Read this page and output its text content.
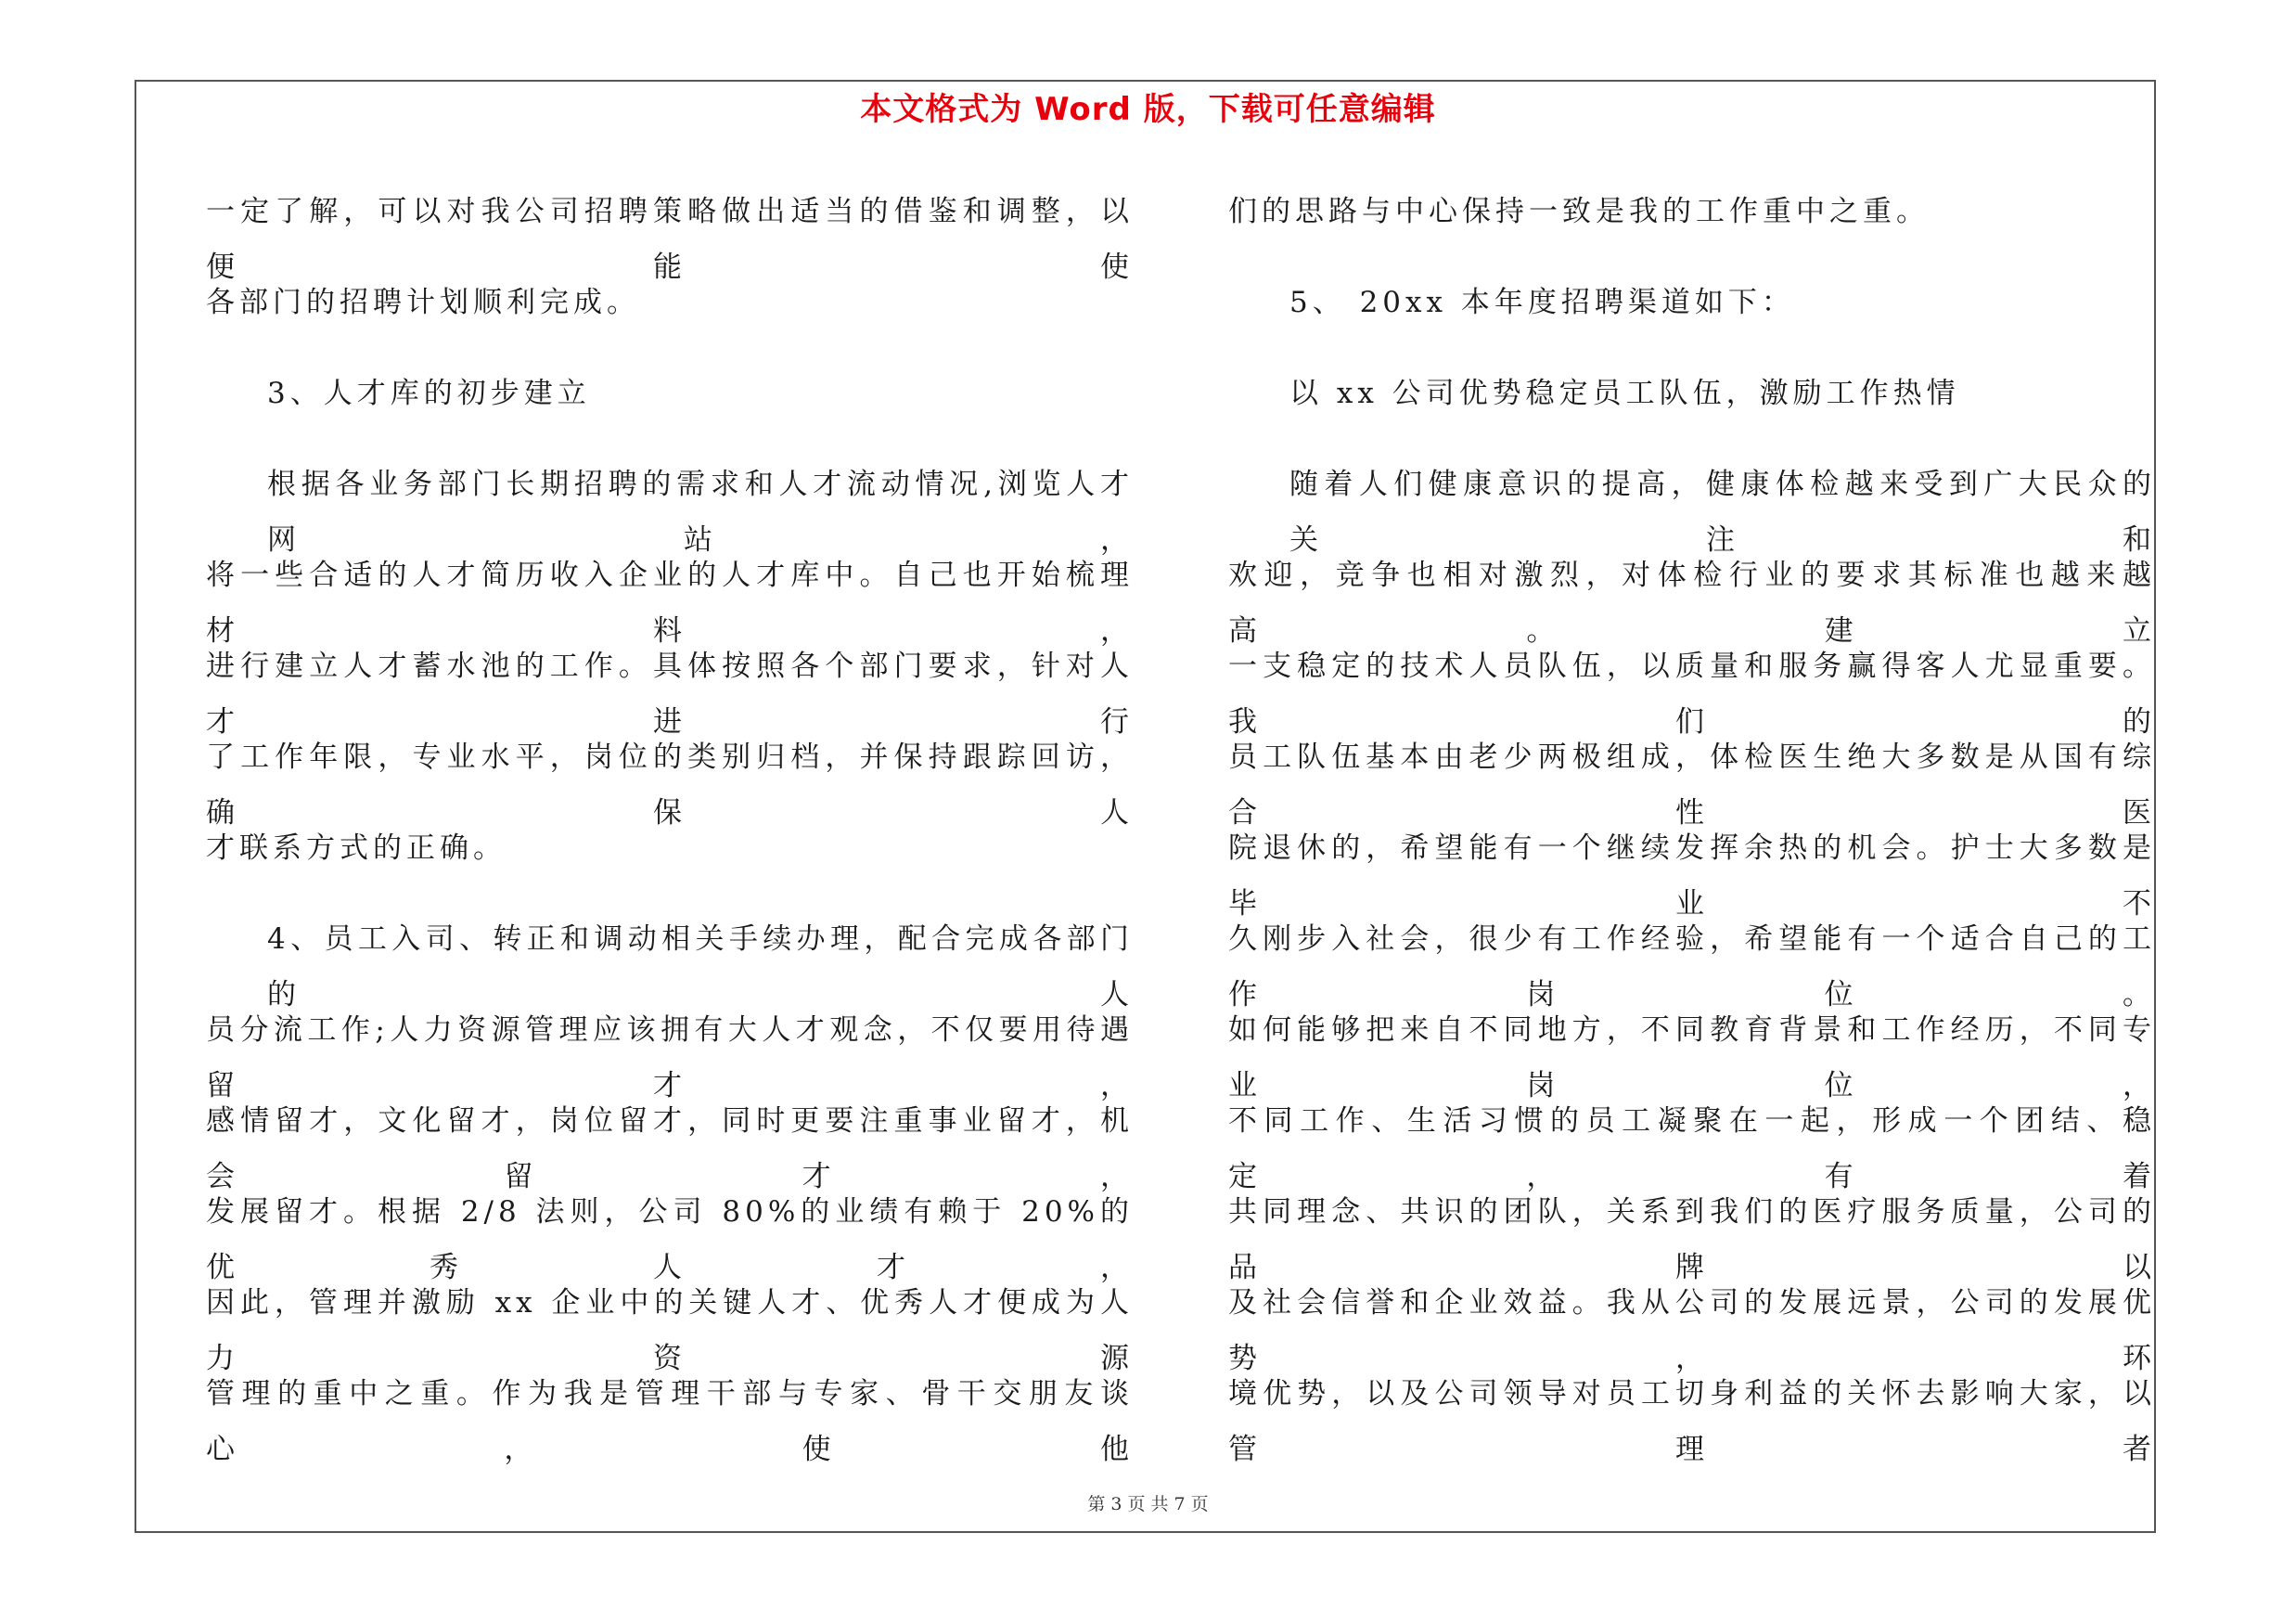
本文格式为 Word 版，下载可任意编辑
一定了解，可以对我公司招聘策略做出适当的借鉴和调整，以便能使
各部门的招聘计划顺利完成。
3、人才库的初步建立
根据各业务部门长期招聘的需求和人才流动情况,浏览人才网站，
将一些合适的人才简历收入企业的人才库中。自己也开始梳理材料，
进行建立人才蓄水池的工作。具体按照各个部门要求，针对人才进行
了工作年限，专业水平，岗位的类别归档，并保持跟踪回访，确保人
才联系方式的正确。
4、员工入司、转正和调动相关手续办理，配合完成各部门的人
员分流工作;人力资源管理应该拥有大人才观念，不仅要用待遇留才，
感情留才，文化留才，岗位留才，同时更要注重事业留才，机会留才，
发展留才。根据 2/8 法则，公司 80%的业绩有赖于 20%的优秀人才，
因此，管理并激励 xx 企业中的关键人才、优秀人才便成为人力资源
管理的重中之重。作为我是管理干部与专家、骨干交朋友谈心，使他
们的思路与中心保持一致是我的工作重中之重。
5、 20xx 本年度招聘渠道如下：
以 xx 公司优势稳定员工队伍，激励工作热情
随着人们健康意识的提高，健康体检越来受到广大民众的关注和
欢迎，竞争也相对激烈，对体检行业的要求其标准也越来越高。建立
一支稳定的技术人员队伍，以质量和服务赢得客人尤显重要。我们的
员工队伍基本由老少两极组成，体检医生绝大多数是从国有综合性医
院退休的，希望能有一个继续发挥余热的机会。护士大多数是毕业不
久刚步入社会，很少有工作经验，希望能有一个适合自己的工作岗位。
如何能够把来自不同地方，不同教育背景和工作经历，不同专业岗位，
不同工作、生活习惯的员工凝聚在一起，形成一个团结、稳定，有着
共同理念、共识的团队，关系到我们的医疗服务质量，公司的品牌以
及社会信誉和企业效益。我从公司的发展远景，公司的发展优势，环
境优势，以及公司领导对员工切身利益的关怀去影响大家，以管理者
第 3 页 共 7 页
